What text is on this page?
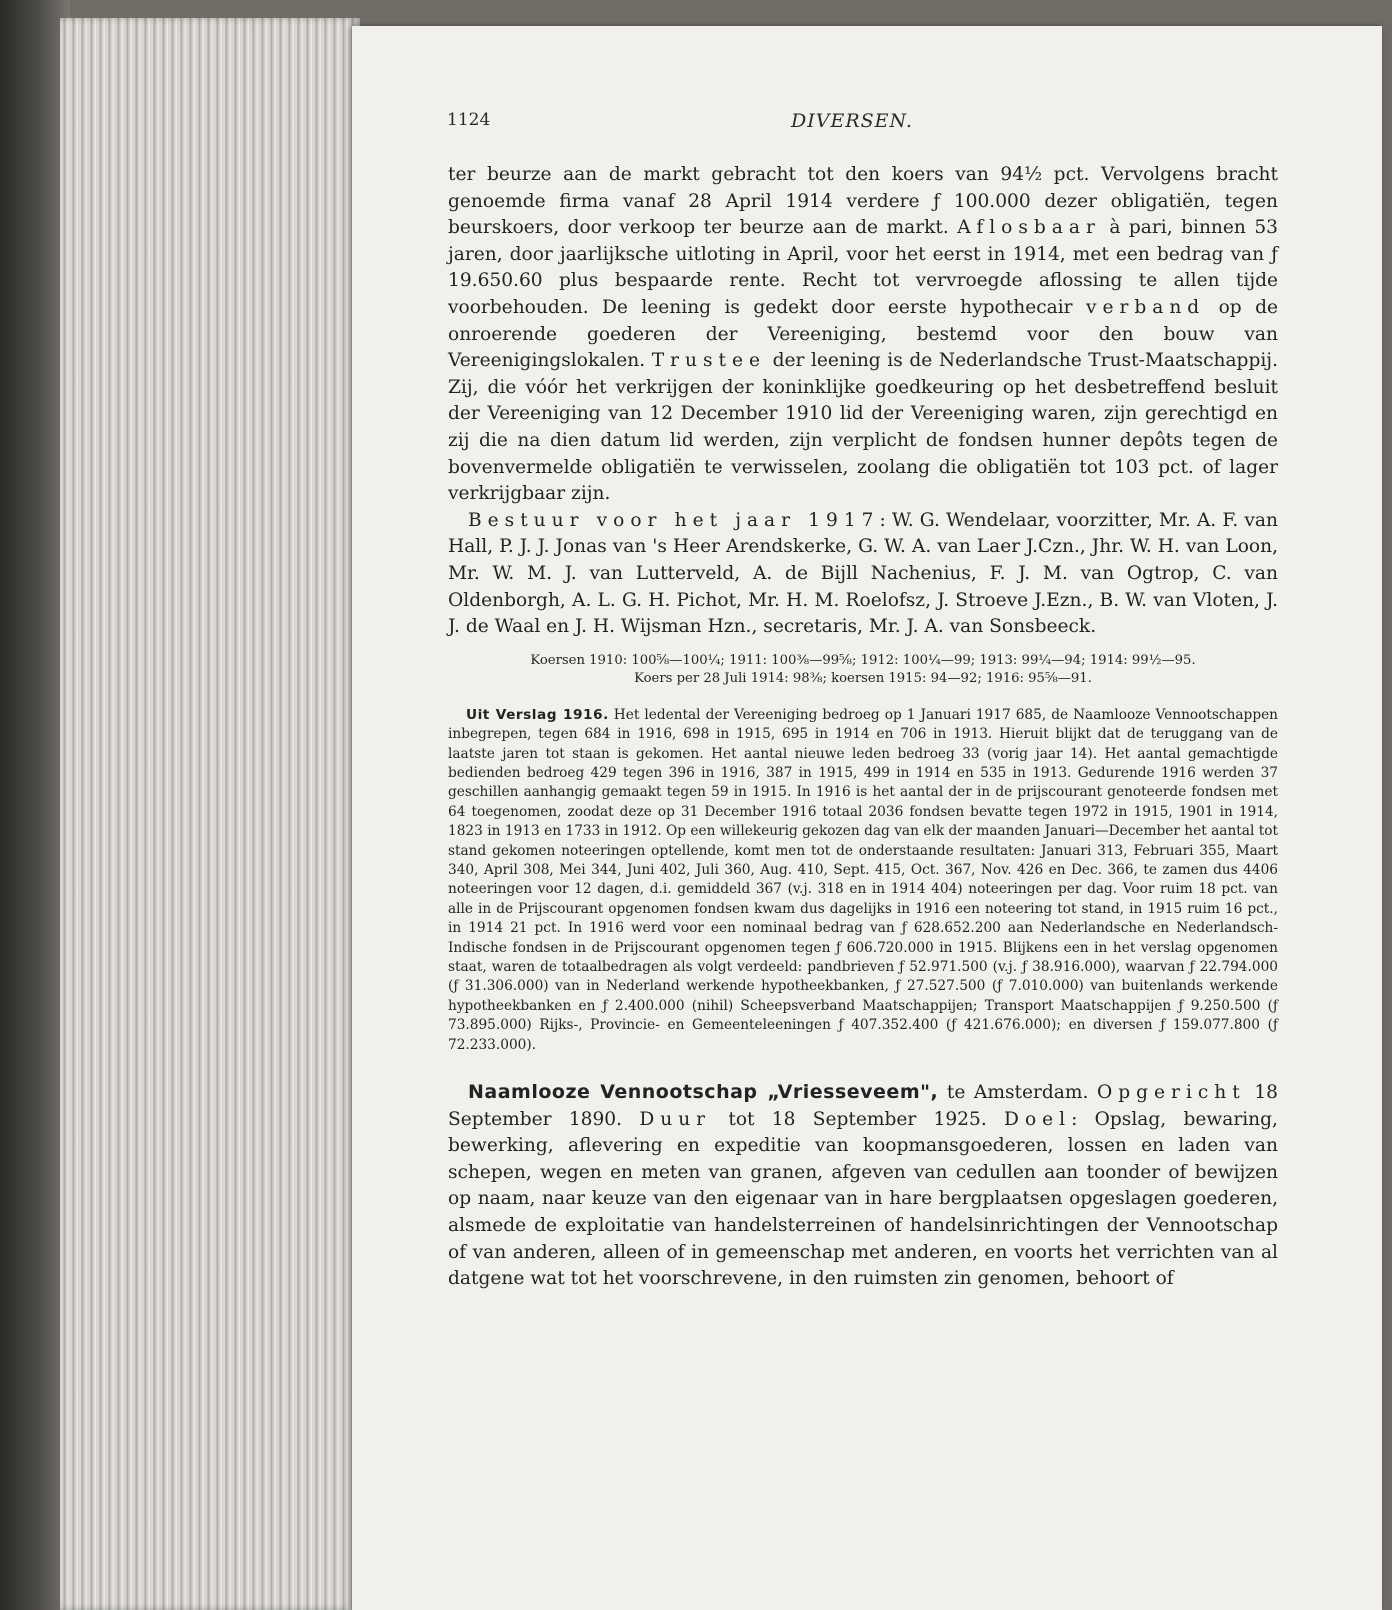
1124	DIVERSEN.

ter beurze aan de markt gebracht tot den koers van 94½ pct. Vervolgens bracht genoemde firma vanaf 28 April 1914 verdere ƒ 100.000 dezer obligatiën, tegen beurskoers, door verkoop ter beurze aan de markt. Aflosbaar à pari, binnen 53 jaren, door jaarlijksche uitloting in April, voor het eerst in 1914, met een bedrag van ƒ 19.650.60 plus bespaarde rente. Recht tot vervroegde aflossing te allen tijde voorbehouden. De leening is gedekt door eerste hypothecair verband op de onroerende goederen der Vereeniging, bestemd voor den bouw van Vereenigingslokalen. Trustee der leening is de Nederlandsche Trust-Maatschappij. Zij, die vóór het verkrijgen der koninklijke goedkeuring op het desbetreffend besluit der Vereeniging van 12 December 1910 lid der Vereeniging waren, zijn gerechtigd en zij die na dien datum lid werden, zijn verplicht de fondsen hunner depôts tegen de bovenvermelde obligatiën te verwisselen, zoolang die obligatiën tot 103 pct. of lager verkrijgbaar zijn.

Bestuur voor het jaar 1917: W. G. Wendelaar, voorzitter, Mr. A. F. van Hall, P. J. J. Jonas van 's Heer Arendskerke, G. W. A. van Laer J.Czn., Jhr. W. H. van Loon, Mr. W. M. J. van Lutterveld, A. de Bijll Nachenius, F. J. M. van Ogtrop, C. van Oldenborgh, A. L. G. H. Pichot, Mr. H. M. Roelofsz, J. Stroeve J.Ezn., B. W. van Vloten, J. J. de Waal en J. H. Wijsman Hzn., secretaris, Mr. J. A. van Sonsbeeck.

Koersen 1910: 100⅝—100¼; 1911: 100⅜—99⅝; 1912: 100¼—99; 1913: 99¼—94; 1914: 99½—95.
Koers per 28 Juli 1914: 98⅜; koersen 1915: 94—92; 1916: 95⅝—91.

Uit Verslag 1916. Het ledental der Vereeniging bedroeg op 1 Januari 1917 685, de Naamlooze Vennootschappen inbegrepen, tegen 684 in 1916, 698 in 1915, 695 in 1914 en 706 in 1913. Hieruit blijkt dat de teruggang van de laatste jaren tot staan is gekomen. Het aantal nieuwe leden bedroeg 33 (vorig jaar 14). Het aantal gemachtigde bedienden bedroeg 429 tegen 396 in 1916, 387 in 1915, 499 in 1914 en 535 in 1913. Gedurende 1916 werden 37 geschillen aanhangig gemaakt tegen 59 in 1915. In 1916 is het aantal der in de prijscourant genoteerde fondsen met 64 toegenomen, zoodat deze op 31 December 1916 totaal 2036 fondsen bevatte tegen 1972 in 1915, 1901 in 1914, 1823 in 1913 en 1733 in 1912. Op een willekeurig gekozen dag van elk der maanden Januari—December het aantal tot stand gekomen noteeringen optellende, komt men tot de onderstaande resultaten: Januari 313, Februari 355, Maart 340, April 308, Mei 344, Juni 402, Juli 360, Aug. 410, Sept. 415, Oct. 367, Nov. 426 en Dec. 366, te zamen dus 4406 noteeringen voor 12 dagen, d.i. gemiddeld 367 (v.j. 318 en in 1914 404) noteeringen per dag. Voor ruim 18 pct. van alle in de Prijscourant opgenomen fondsen kwam dus dagelijks in 1916 een noteering tot stand, in 1915 ruim 16 pct., in 1914 21 pct. In 1916 werd voor een nominaal bedrag van ƒ 628.652.200 aan Nederlandsche en Nederlandsch-Indische fondsen in de Prijscourant opgenomen tegen ƒ 606.720.000 in 1915. Blijkens een in het verslag opgenomen staat, waren de totaalbedragen als volgt verdeeld: pandbrieven ƒ 52.971.500 (v.j. ƒ 38.916.000), waarvan ƒ 22.794.000 (ƒ 31.306.000) van in Nederland werkende hypotheekbanken, ƒ 27.527.500 (ƒ 7.010.000) van buitenlands werkende hypotheekbanken en ƒ 2.400.000 (nihil) Scheepsverband Maatschappijen; Transport Maatschappijen ƒ 9.250.500 (ƒ 73.895.000) Rijks-, Provincie- en Gemeenteleeningen ƒ 407.352.400 (ƒ 421.676.000); en diversen ƒ 159.077.800 (ƒ 72.233.000).

Naamlooze Vennootschap „Vriesseveem", te Amsterdam. Opgericht 18 September 1890. Duur tot 18 September 1925. Doel: Opslag, bewaring, bewerking, aflevering en expeditie van koopmansgoederen, lossen en laden van schepen, wegen en meten van granen, afgeven van cedullen aan toonder of bewijzen op naam, naar keuze van den eigenaar van in hare bergplaatsen opgeslagen goederen, alsmede de exploitatie van handelsterreinen of handelsinrichtingen der Vennootschap of van anderen, alleen of in gemeenschap met anderen, en voorts het verrichten van al datgene wat tot het voorschrevene, in den ruimsten zin genomen, behoort of
